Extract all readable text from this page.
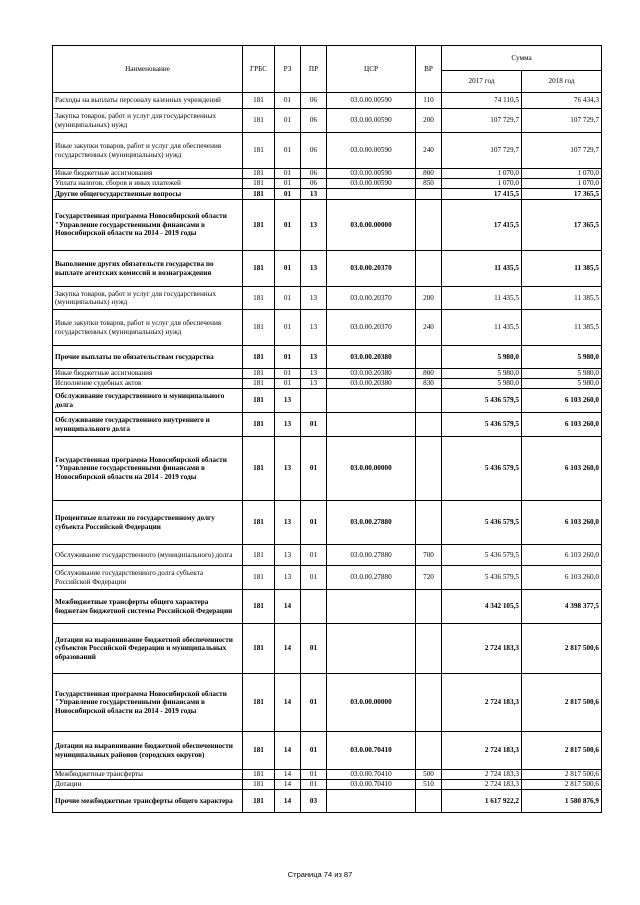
Наименование	ГРБС	РЗ	ПР	ЦСР	ВР	Сумма	
						2017 год	2018 год
Расходы на выплаты персоналу казенных учреждений	181	01	06	03.0.00.00590	110	74 110,5	76 434,3
Закупка товаров, работ и услуг для государственных (муниципальных) нужд	181	01	06	03.0.00.00590	200	107 729,7	107 729,7
Иные закупки товаров, работ и услуг для обеспечения государственных (муниципальных) нужд	181	01	06	03.0.00.00590	240	107 729,7	107 729,7
Иные бюджетные ассигнования	181	01	06	03.0.00.00590	800	1 070,0	1 070,0
Уплата налогов, сборов и иных платежей	181	01	06	03.0.00.00590	850	1 070,0	1 070,0
Другие общегосударственные вопросы	181	01	13			17 415,5	17 365,5
Государственная программа Новосибирской области "Управление государственными финансами в Новосибирской области на 2014 - 2019 годы	181	01	13	03.0.00.00000		17 415,5	17 365,5
Выполнение других обязательств государства по выплате агентских комиссий и вознаграждения	181	01	13	03.0.00.20370		11 435,5	11 385,5
Закупка товаров, работ и услуг для государственных (муниципальных) нужд	181	01	13	03.0.00.20370	200	11 435,5	11 385,5
Иные закупки товаров, работ и услуг для обеспечения государственных (муниципальных) нужд	181	01	13	03.0.00.20370	240	11 435,5	11 385,5
Прочие выплаты по обязательствам государства	181	01	13	03.0.00.20380		5 980,0	5 980,0
Иные бюджетные ассигнования	181	01	13	03.0.00.20380	800	5 980,0	5 980,0
Исполнение судебных актов	181	01	13	03.0.00.20380	830	5 980,0	5 980,0
Обслуживание государственного и муниципального долга	181	13				5 436 579,5	6 103 260,0
Обслуживание государственного внутреннего и муниципального долга	181	13	01			5 436 579,5	6 103 260,0
Государственная программа Новосибирской области "Управление государственными финансами в Новосибирской области на 2014 - 2019 годы	181	13	01	03.0.00.00000		5 436 579,5	6 103 260,0
Процентные платежи по государственному долгу субъекта Российской Федерации	181	13	01	03.0.00.27880		5 436 579,5	6 103 260,0
Обслуживание государственного (муниципального) долга	181	13	01	03.0.00.27880	700	5 436 579,5	6 103 260,0
Обслуживание государственного долга субъекта Российской Федерации	181	13	01	03.0.00.27880	720	5 436 579,5	6 103 260,0
Межбюджетные трансферты общего характера бюджетам бюджетной системы Российской Федерации	181	14				4 342 105,5	4 398 377,5
Дотации на выравнивание бюджетной обеспеченности субъектов Российской Федерации и муниципальных образований	181	14	01			2 724 183,3	2 817 500,6
Государственная программа Новосибирской области "Управление государственными финансами в Новосибирской области на 2014 - 2019 годы	181	14	01	03.0.00.00000		2 724 183,3	2 817 500,6
Дотации на выравнивание бюджетной обеспеченности муниципальных районов (городских округов)	181	14	01	03.0.00.70410		2 724 183,3	2 817 500,6
Межбюджетные трансферты	181	14	01	03.0.00.70410	500	2 724 183,3	2 817 500,6
Дотации	181	14	01	03.0.00.70410	510	2 724 183,3	2 817 500,6
Прочие межбюджетные трансферты общего характера	181	14	03			1 617 922,2	1 580 876,9
Страница 74 из 87
